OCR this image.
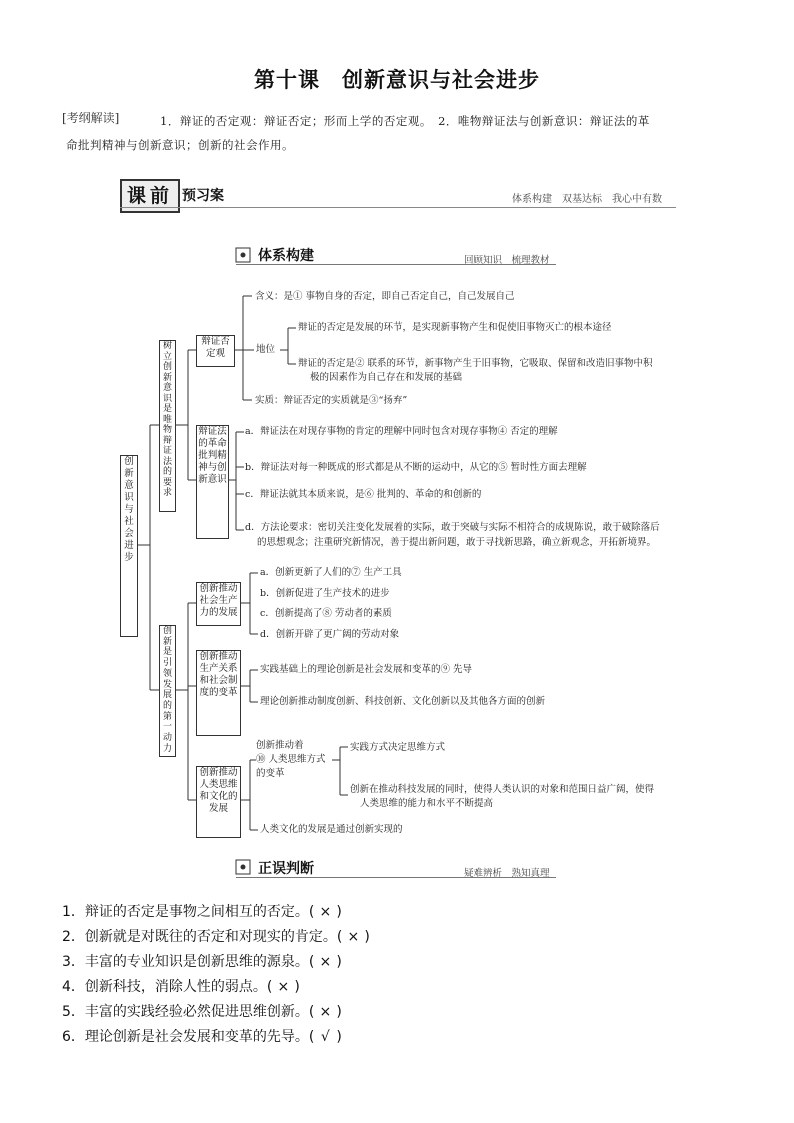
第十课　创新意识与社会进步
[考纲解读]	1．辩证的否定观：辩证否定；形而上学的否定观。　2．唯物辩证法与创新意识：辩证法的革
命批判精神与创新意识；创新的社会作用。
课前 预习案	体系构建　双基达标　我心中有数
体系构建	回顾知识　梳理教材
创新意识与社会进步
树立创新意识是唯物辩证法的要求
创新是引领发展的第一动力
辩证否定观
含义：是① 事物自身的否定，即自己否定自己，自己发展自己
地位
辩证的否定是发展的环节，是实现新事物产生和促使旧事物灭亡的根本途径
辩证的否定是② 联系的环节，新事物产生于旧事物，它吸取、保留和改造旧事物中积
极的因素作为自己存在和发展的基础
实质：辩证否定的实质就是③“扬弃”
辩证法的革命批判精神与创新意识
a．辩证法在对现存事物的肯定的理解中同时包含对现存事物④ 否定的理解
b．辩证法对每一种既成的形式都是从不断的运动中，从它的⑤ 暂时性方面去理解
c．辩证法就其本质来说，是⑥ 批判的、革命的和创新的
d．方法论要求：密切关注变化发展着的实际，敢于突破与实际不相符合的成规陈说，敢于破除落后
的思想观念；注重研究新情况，善于提出新问题，敢于寻找新思路，确立新观念，开拓新境界。
创新推动社会生产力的发展
a．创新更新了人们的⑦ 生产工具
b．创新促进了生产技术的进步
c．创新提高了⑧ 劳动者的素质
d．创新开辟了更广阔的劳动对象
创新推动生产关系和社会制度的变革
实践基础上的理论创新是社会发展和变革的⑨ 先导
理论创新推动制度创新、科技创新、文化创新以及其他各方面的创新
创新推动人类思维和文化的发展
创新推动着
⑩ 人类思维方式
的变革
实践方式决定思维方式
创新在推动科技发展的同时，使得人类认识的对象和范围日益广阔，使得
人类思维的能力和水平不断提高
人类文化的发展是通过创新实现的
正误判断	疑难辨析　熟知真理
1．辩证的否定是事物之间相互的否定。( × )
2．创新就是对既往的否定和对现实的肯定。( × )
3．丰富的专业知识是创新思维的源泉。( × )
4．创新科技，消除人性的弱点。( × )
5．丰富的实践经验必然促进思维创新。( × )
6．理论创新是社会发展和变革的先导。( √ )
